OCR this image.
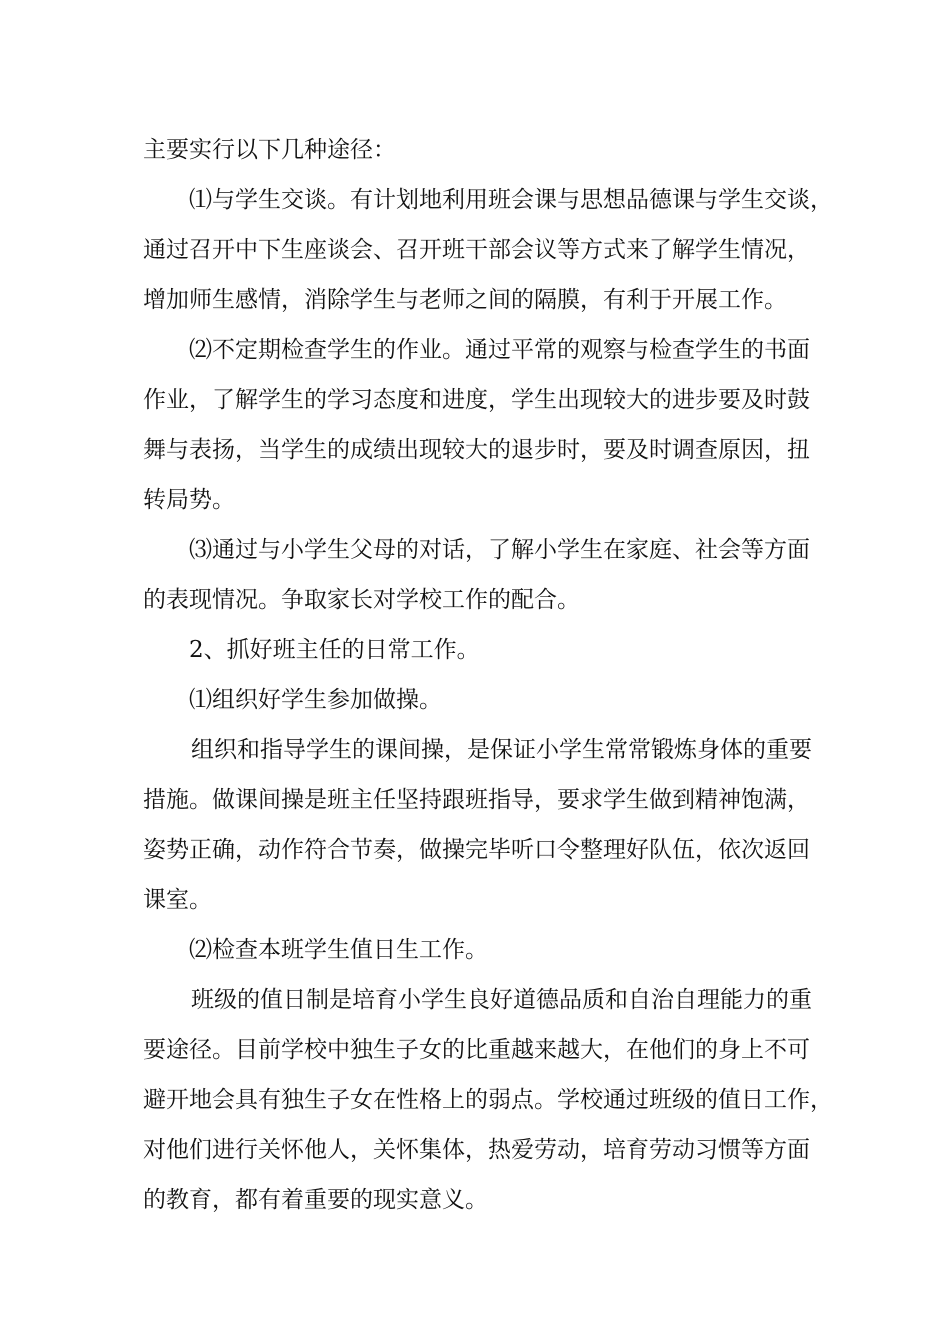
主要实行以下几种途径：
⑴与学生交谈。有计划地利用班会课与思想品德课与学生交谈，
通过召开中下生座谈会、召开班干部会议等方式来了解学生情况，
增加师生感情，消除学生与老师之间的隔膜，有利于开展工作。
⑵不定期检查学生的作业。通过平常的观察与检查学生的书面
作业，了解学生的学习态度和进度，学生出现较大的进步要及时鼓
舞与表扬，当学生的成绩出现较大的退步时，要及时调查原因，扭
转局势。
⑶通过与小学生父母的对话，了解小学生在家庭、社会等方面
的表现情况。争取家长对学校工作的配合。
2、抓好班主任的日常工作。
⑴组织好学生参加做操。
组织和指导学生的课间操，是保证小学生常常锻炼身体的重要
措施。做课间操是班主任坚持跟班指导，要求学生做到精神饱满，
姿势正确，动作符合节奏，做操完毕听口令整理好队伍，依次返回
课室。
⑵检查本班学生值日生工作。
班级的值日制是培育小学生良好道德品质和自治自理能力的重
要途径。目前学校中独生子女的比重越来越大，在他们的身上不可
避开地会具有独生子女在性格上的弱点。学校通过班级的值日工作，
对他们进行关怀他人，关怀集体，热爱劳动，培育劳动习惯等方面
的教育，都有着重要的现实意义。
